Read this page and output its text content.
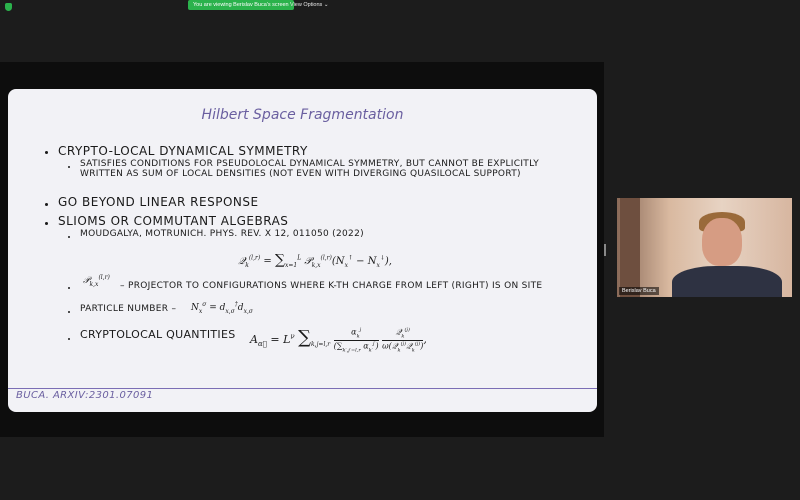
You are viewing Berislav Buca's screen View Options ⌄
Hilbert Space Fragmentation
CRYPTO-LOCAL DYNAMICAL SYMMETRY
SATISFIES CONDITIONS FOR PSEUDOLOCAL DYNAMICAL SYMMETRY, BUT CANNOT BE EXPLICITLY WRITTEN AS SUM OF LOCAL DENSITIES (NOT EVEN WITH DIVERGING QUASILOCAL SUPPORT)
GO BEYOND LINEAR RESPONSE
SLIOMS OR COMMUTANT ALGEBRAS
MOUDGALYA, MOTRUNICH. PHYS. REV. X 12, 011050 (2022)
𝒬$_k^{(l,r)}$ = $\sum_{x=1}^L$ $𝒫_{k,x}^{(l,r)}(N_x^↑ - N_x^↓)$,
𝒫$_{k,x}^{(l,r)}$
– PROJECTOR TO CONFIGURATIONS WHERE K-TH CHARGE FROM LEFT (RIGHT) IS ON SITE
PARTICLE NUMBER – $N_x^\sigma = d_{x,\sigma}^\dagger d_{x,\sigma}$
CRYPTOLOCAL QUANTITIES $A_{\alpha⃗} = L^\nu$ $\sum_{k,j=l,r}$
$\alpha_k^j$
($\sum_{k',j'=l,r}$ $\alpha_{k'}^{j'}$)

𝒬$_k^{(j)}$
ω(𝒬$_k^{(j)}$𝒬$_k^{(j)}$) ,
BUCA. ARXIV:2301.07091
Berislav Buca
